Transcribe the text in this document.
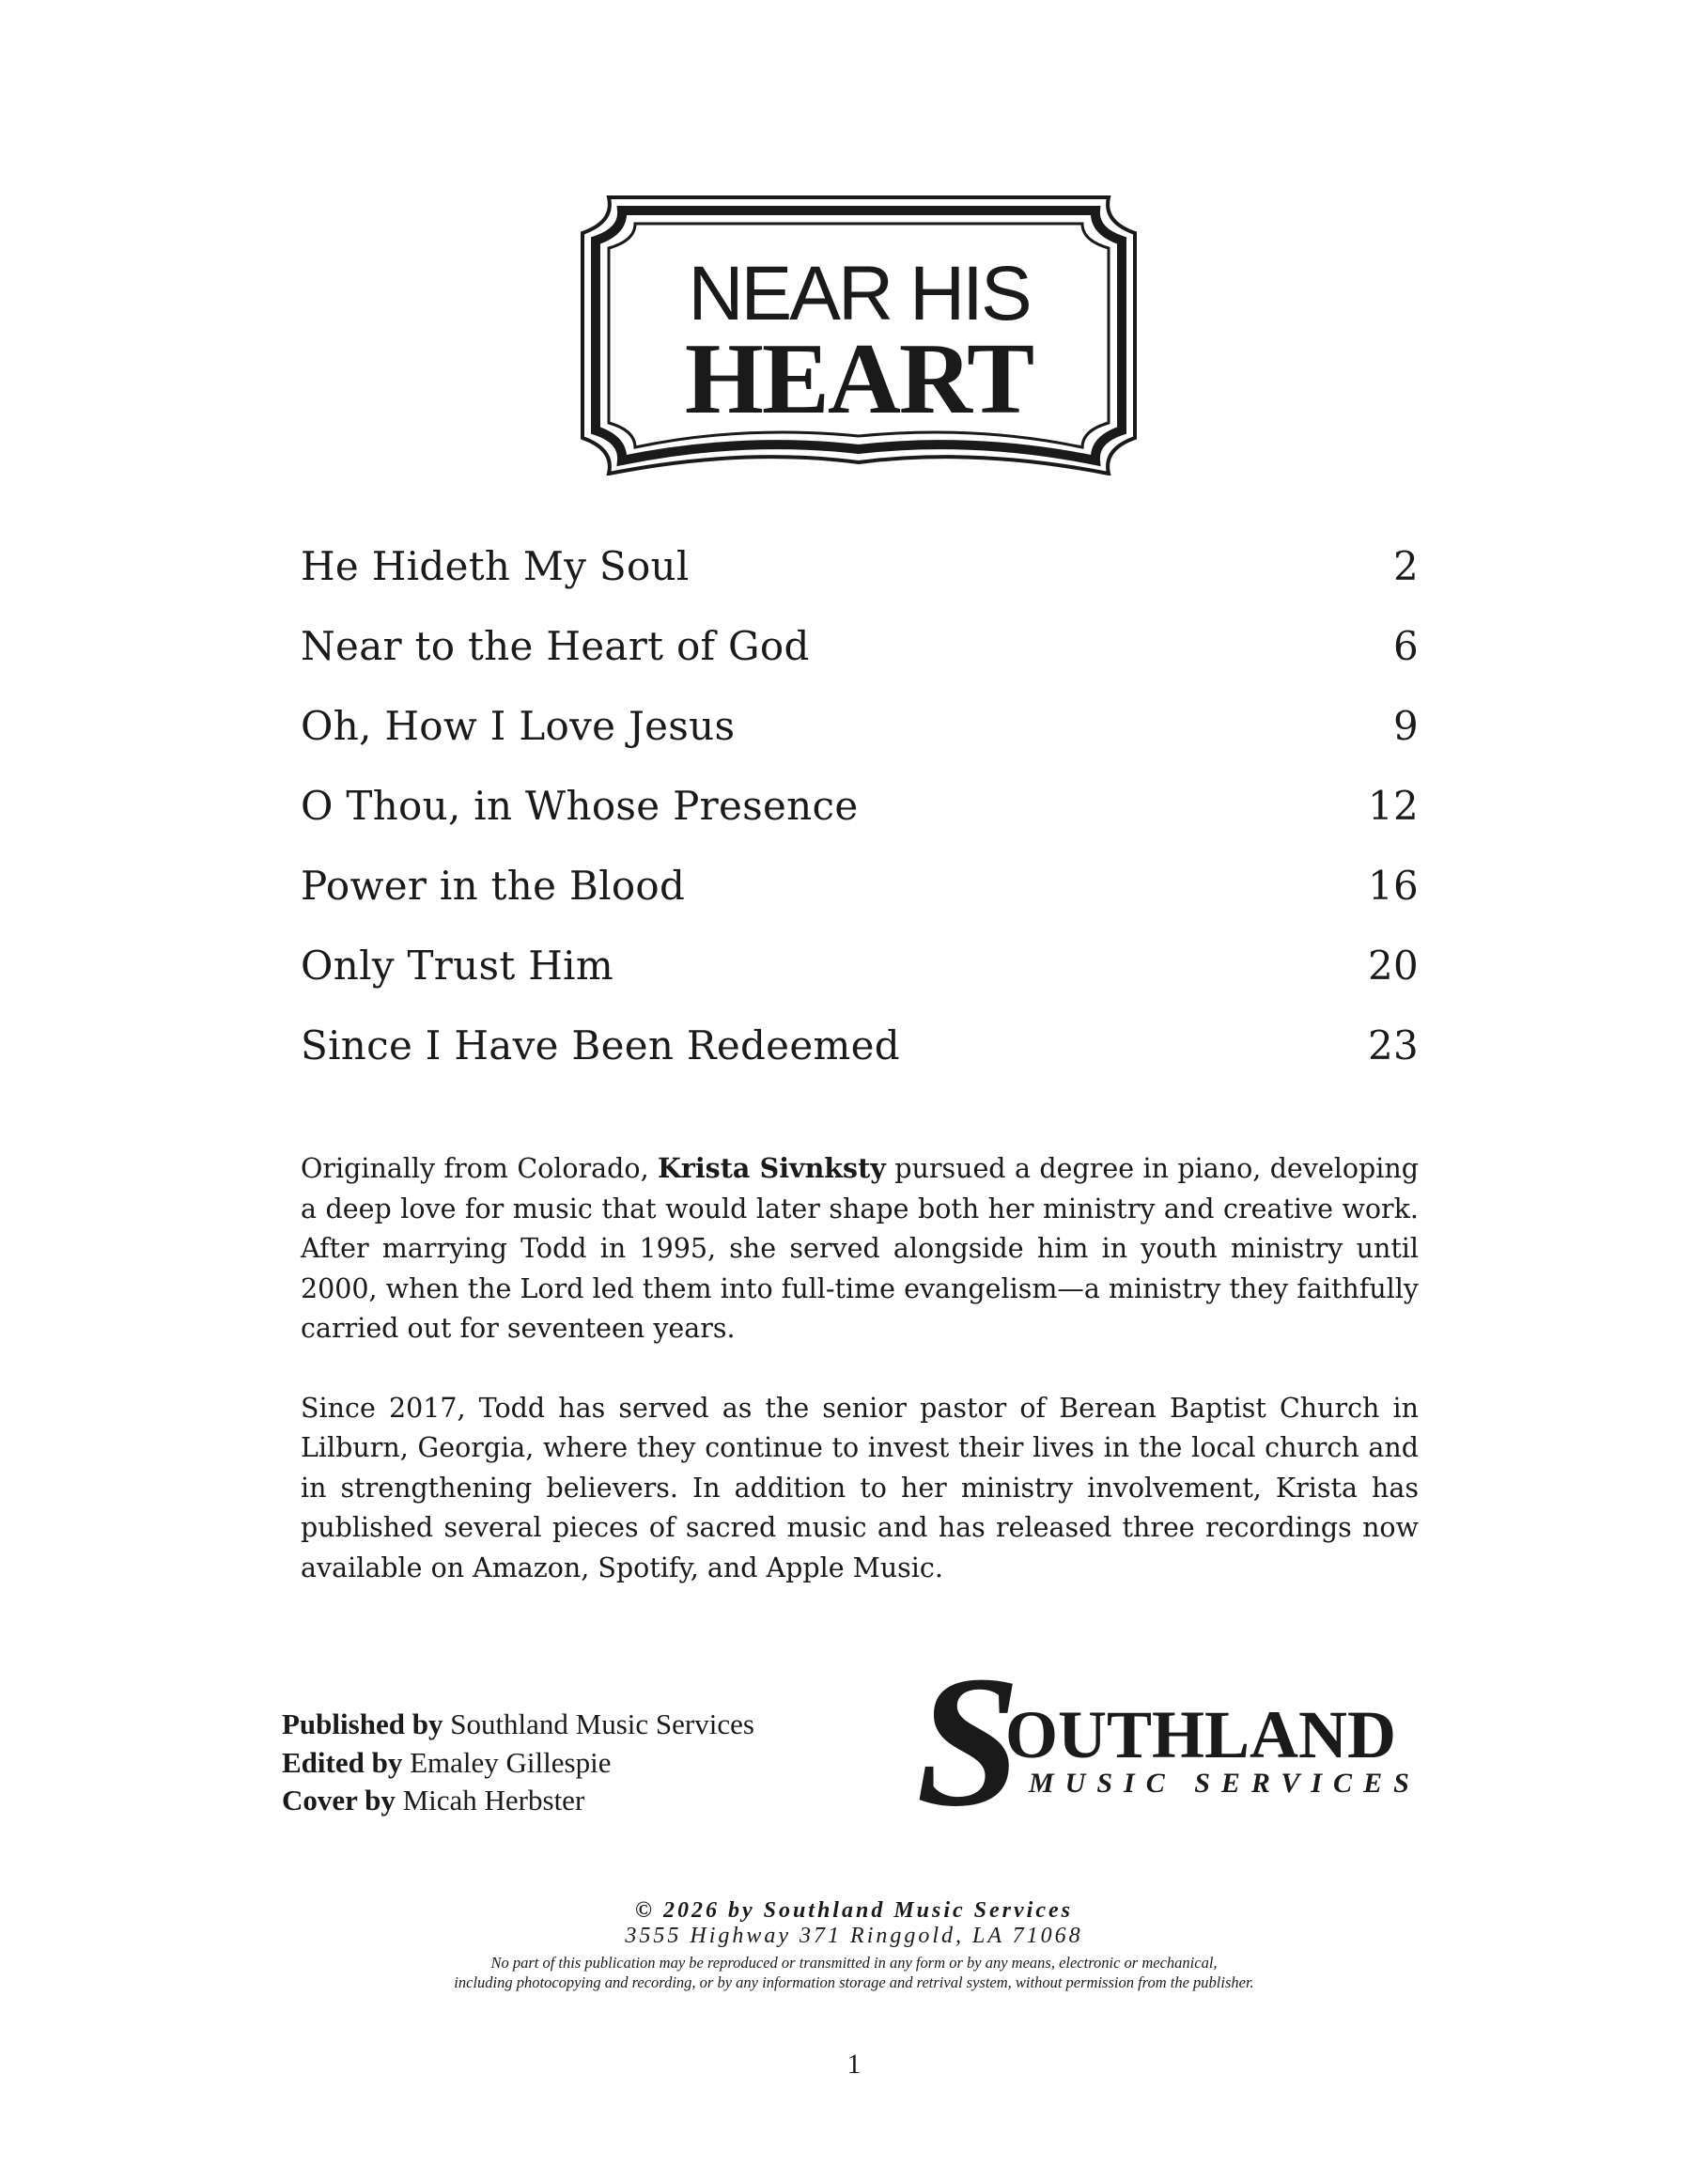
NEAR HIS
HEART
He Hideth My Soul	2
Near to the Heart of God	6
Oh, How I Love Jesus	9
O Thou, in Whose Presence	12
Power in the Blood	16
Only Trust Him	20
Since I Have Been Redeemed	23

Originally from Colorado, Krista Sivnksty pursued a degree in piano, developing a deep love for music that would later shape both her ministry and creative work. After marrying Todd in 1995, she served alongside him in youth ministry until 2000, when the Lord led them into full-time evangelism—a ministry they faithfully carried out for seventeen years.

Since 2017, Todd has served as the senior pastor of Berean Baptist Church in Lilburn, Georgia, where they continue to invest their lives in the local church and in strengthening believers. In addition to her ministry involvement, Krista has published several pieces of sacred music and has released three recordings now available on Amazon, Spotify, and Apple Music.

Published by Southland Music Services
Edited by Emaley Gillespie
Cover by Micah Herbster	S
OUTHLAND
MUSIC SERVICES
© 2026 by Southland Music Services
3555 Highway 371 Ringgold, LA 71068
No part of this publication may be reproduced or transmitted in any form or by any means, electronic or mechanical,
including photocopying and recording, or by any information storage and retrival system, without permission from the publisher.
1
